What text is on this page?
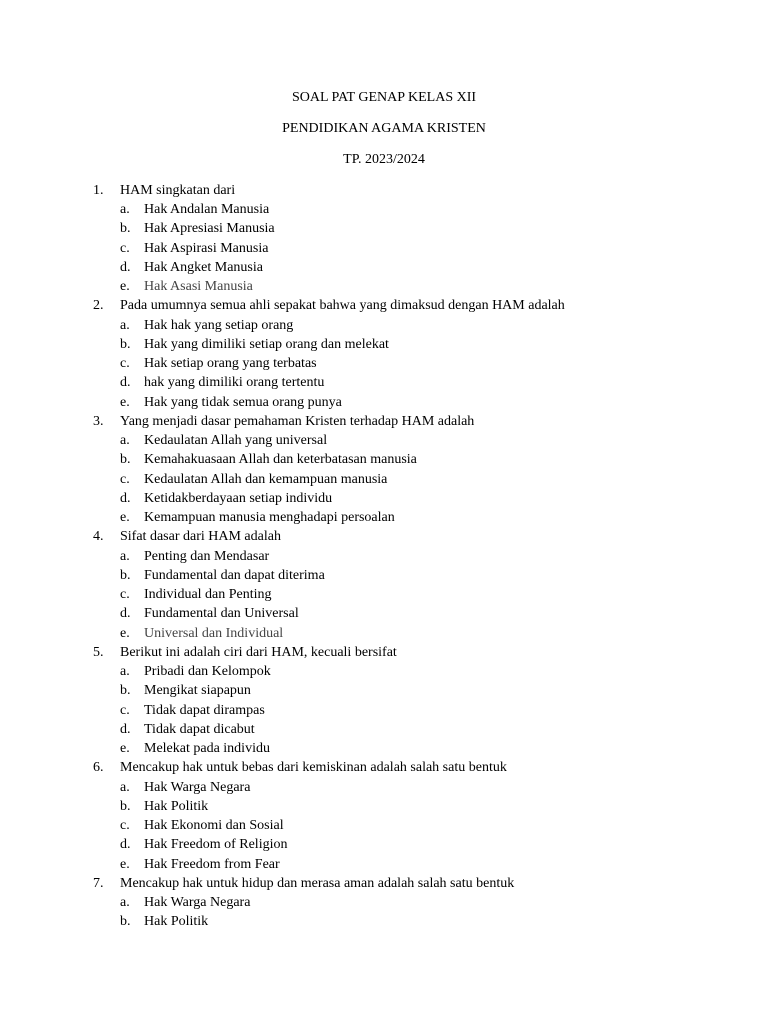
SOAL PAT GENAP KELAS XII
PENDIDIKAN AGAMA KRISTEN
TP. 2023/2024
1. HAM singkatan dari
a. Hak Andalan Manusia
b. Hak Apresiasi Manusia
c. Hak Aspirasi Manusia
d. Hak Angket Manusia
e. Hak Asasi Manusia
2. Pada umumnya semua ahli sepakat bahwa yang dimaksud dengan HAM adalah
a. Hak hak yang setiap orang
b. Hak yang dimiliki setiap orang dan melekat
c. Hak setiap orang yang terbatas
d. hak yang dimiliki orang tertentu
e. Hak yang tidak semua orang punya
3. Yang menjadi dasar pemahaman Kristen terhadap HAM adalah
a. Kedaulatan Allah yang universal
b. Kemahakuasaan Allah dan keterbatasan manusia
c. Kedaulatan Allah dan kemampuan manusia
d. Ketidakberdayaan setiap individu
e. Kemampuan manusia menghadapi persoalan
4. Sifat dasar dari HAM adalah
a. Penting dan Mendasar
b. Fundamental dan dapat diterima
c. Individual dan Penting
d. Fundamental dan Universal
e. Universal dan Individual
5. Berikut ini adalah ciri dari HAM, kecuali bersifat
a. Pribadi dan Kelompok
b. Mengikat siapapun
c. Tidak dapat dirampas
d. Tidak dapat dicabut
e. Melekat pada individu
6. Mencakup hak untuk bebas dari kemiskinan adalah salah satu bentuk
a. Hak Warga Negara
b. Hak Politik
c. Hak Ekonomi dan Sosial
d. Hak Freedom of Religion
e. Hak Freedom from Fear
7. Mencakup hak untuk hidup dan merasa aman adalah salah satu bentuk
a. Hak Warga Negara
b. Hak Politik
